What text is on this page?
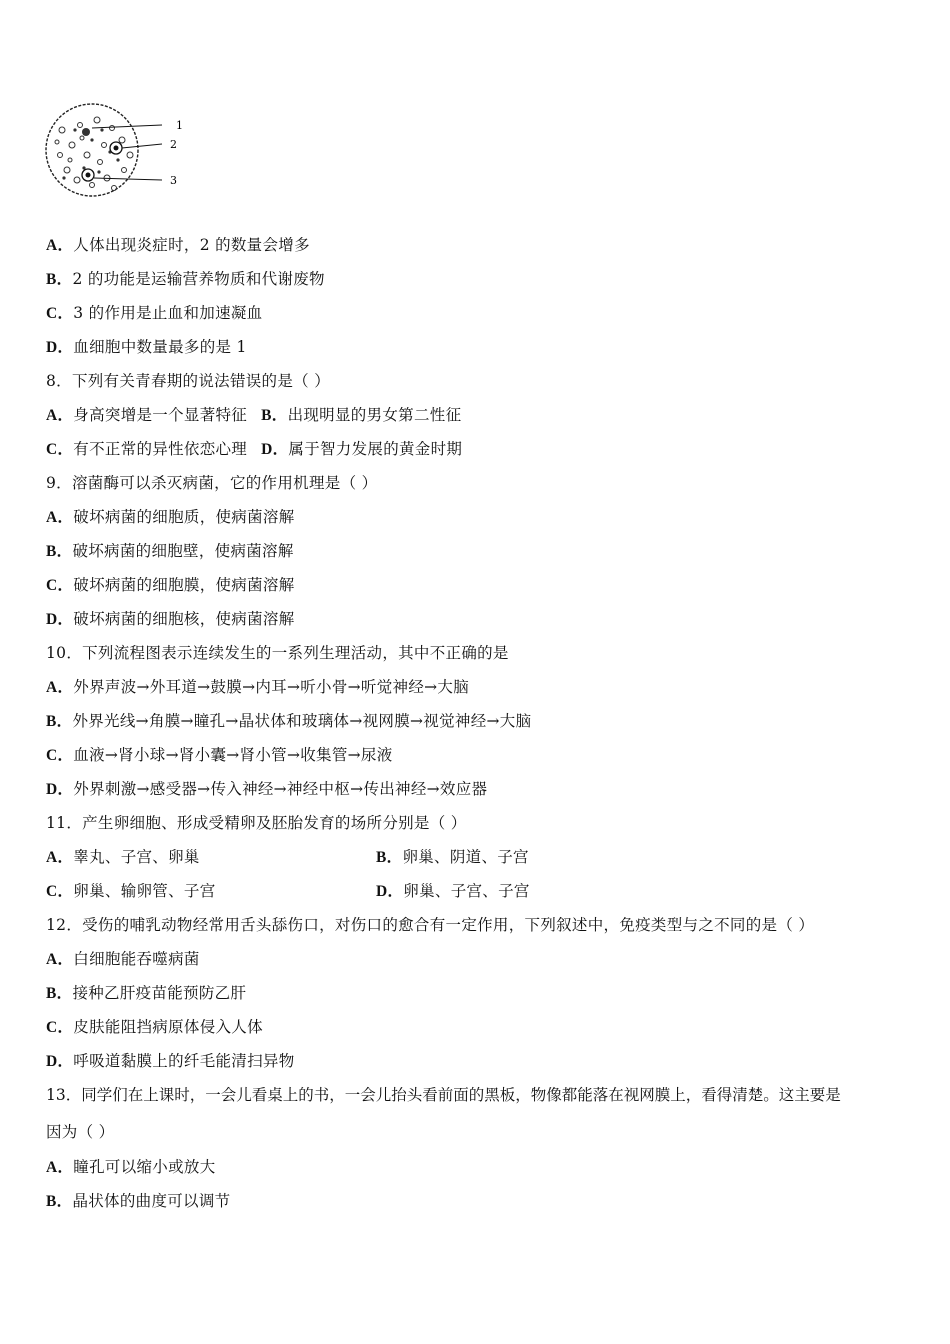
1
2
3
A．人体出现炎症时，2 的数量会增多
B．2 的功能是运输营养物质和代谢废物
C．3 的作用是止血和加速凝血
D．血细胞中数量最多的是 1
8．下列有关青春期的说法错误的是（ ）
A．身高突增是一个显著特征 B．出现明显的男女第二性征
C．有不正常的异性依恋心理 D．属于智力发展的黄金时期
9．溶菌酶可以杀灭病菌，它的作用机理是（ ）
A．破坏病菌的细胞质，使病菌溶解
B．破坏病菌的细胞壁，使病菌溶解
C．破坏病菌的细胞膜，使病菌溶解
D．破坏病菌的细胞核，使病菌溶解
10．下列流程图表示连续发生的一系列生理活动，其中不正确的是
A．外界声波→外耳道→鼓膜→内耳→听小骨→听觉神经→大脑
B．外界光线→角膜→瞳孔→晶状体和玻璃体→视网膜→视觉神经→大脑
C．血液→肾小球→肾小囊→肾小管→收集管→尿液
D．外界刺激→感受器→传入神经→神经中枢→传出神经→效应器
11．产生卵细胞、形成受精卵及胚胎发育的场所分别是（ ）
A．睾丸、子宫、卵巢	B．卵巢、阴道、子宫
C．卵巢、输卵管、子宫	D．卵巢、子宫、子宫
12．受伤的哺乳动物经常用舌头舔伤口，对伤口的愈合有一定作用，下列叙述中，免疫类型与之不同的是（ ）
A．白细胞能吞噬病菌
B．接种乙肝疫苗能预防乙肝
C．皮肤能阻挡病原体侵入人体
D．呼吸道黏膜上的纤毛能清扫异物
13．同学们在上课时，一会儿看桌上的书，一会儿抬头看前面的黑板，物像都能落在视网膜上，看得清楚。这主要是
因为（ ）
A．瞳孔可以缩小或放大
B．晶状体的曲度可以调节
